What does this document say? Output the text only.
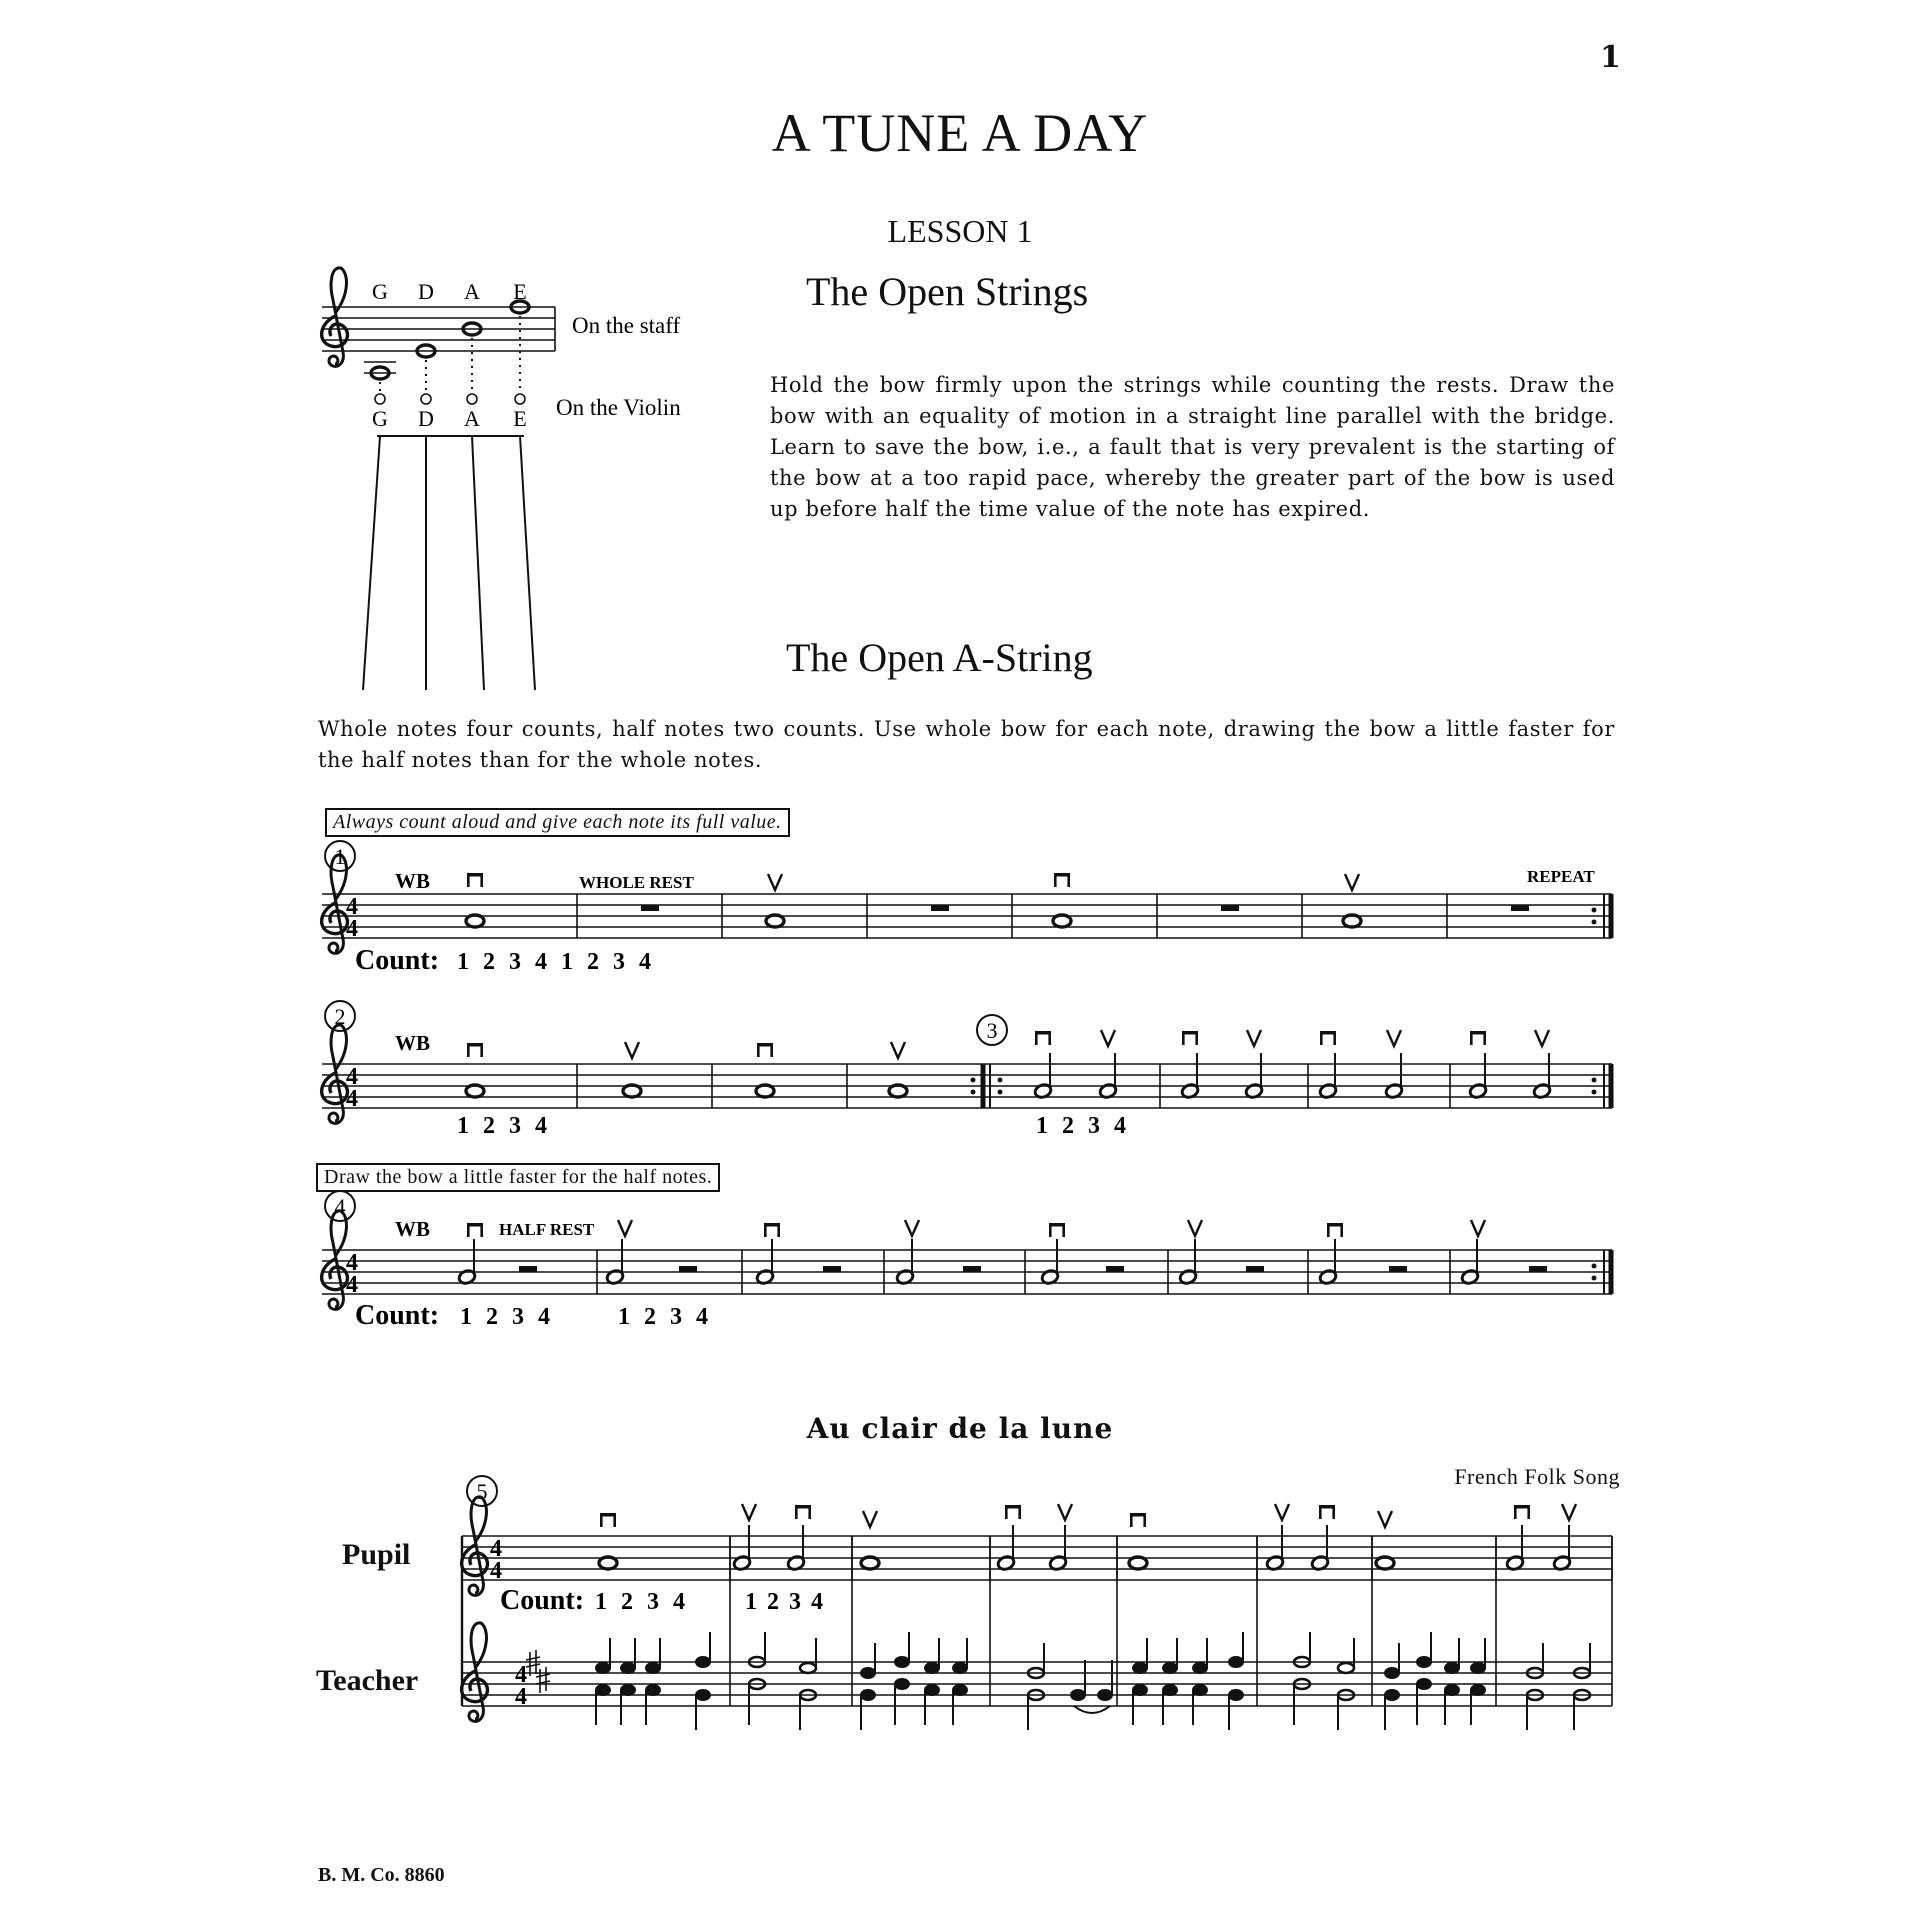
1
A TUNE A DAY
LESSON 1
The Open Strings
Hold the bow firmly upon the strings while counting the rests. Draw the bow with an equality of motion in a straight line parallel with the bridge. Learn to save the bow, i.e., a fault that is very prevalent is the starting of the bow at a too rapid pace, whereby the greater part of the bow is used up before half the time value of the note has expired.
The Open A-String
Whole notes four counts, half notes two counts. Use whole bow for each note, drawing the bow a little faster for the half notes than for the whole notes.
Always count aloud and give each note its full value.
Draw the bow a little faster for the half notes.
Au clair de la lune
French Folk Song
Pupil
Teacher
B. M. Co. 8860
G D A E
G D A E
On the staff
On the Violin
1
WB	WHOLE REST	REPEAT
4
4
Count: 1 2 3 4 1 2 3 4
2
3
WB
4
4
1 2 3 4	1 2 3 4
4
WB	HALF REST
4
4
Count: 1 2 3 4	1 2 3 4
5
4
4
Count: 1 2 3 4	1 2 3 4
4
4
